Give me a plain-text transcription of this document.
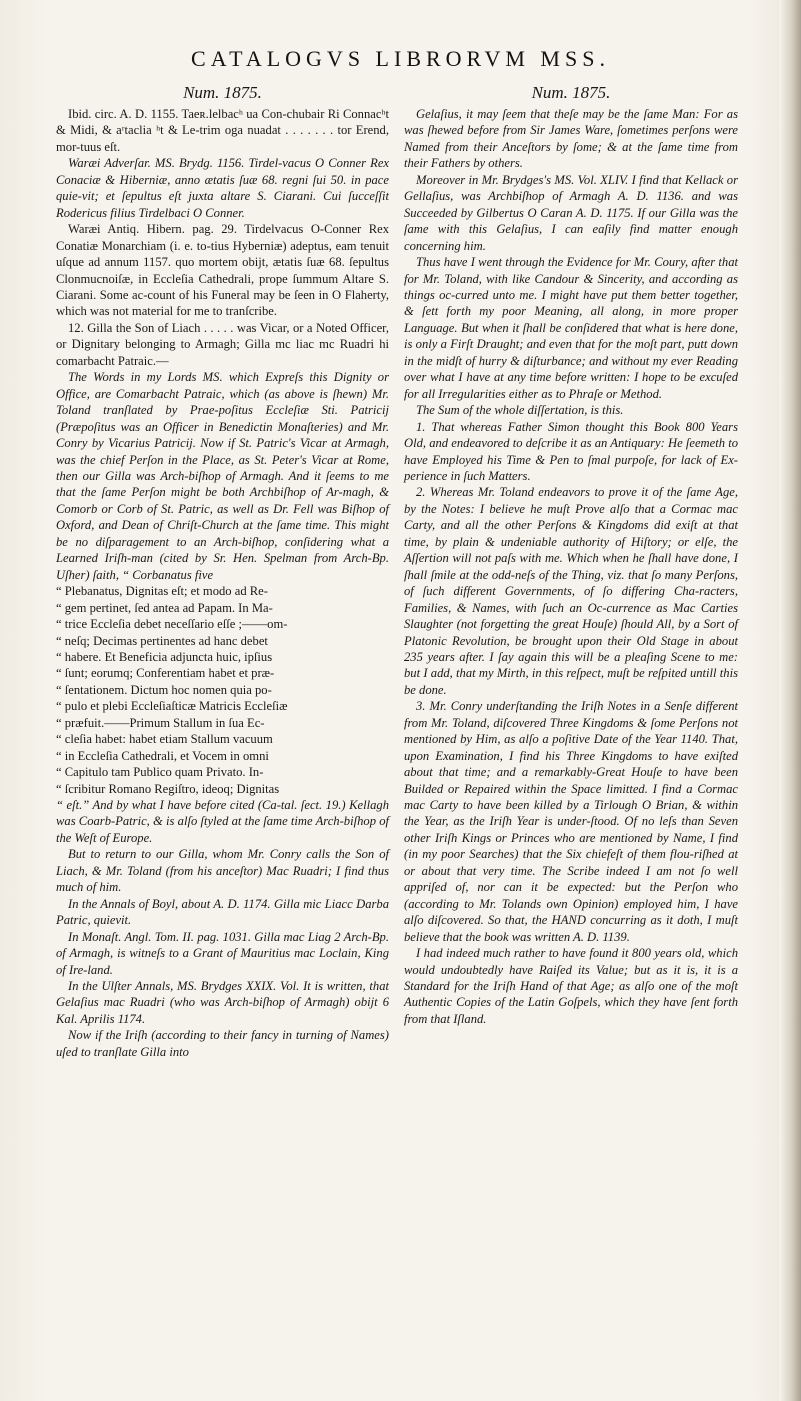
CATALOGVS LIBRORVM MSS.

Num. 1875.

Ibid. circ. A. D. 1155. Taeʀ.lelbacʰ ua Con-chubair Ri Connacʰt & Midi, & aʳtaclia ʰt & Le-trim oga nuadat . . . . . . . tor Erend, mor-tuus eſt.

Waræi Adverſar. MS. Brydg. 1156. Tirdel-vacus O Conner Rex Conaciæ & Hiberniæ, anno ætatis ſuæ 68. regni ſui 50. in pace quie-vit; et ſepultus eſt juxta altare S. Ciarani. Cui ſucceſſit Rodericus filius Tirdelbaci O Conner.

Waræi Antiq. Hibern. pag. 29. Tirdelvacus O-Conner Rex Conatiæ Monarchiam (i. e. to-tius Hyberniæ) adeptus, eam tenuit uſque ad annum 1157. quo mortem obijt, ætatis ſuæ 68. ſepultus Clonmucnoiſæ, in Eccleſia Cathedrali, prope ſummum Altare S. Ciarani. Some ac-count of his Funeral may be ſeen in O Flaherty, which was not material for me to tranſcribe.

12. Gilla the Son of Liach . . . . . was Vicar, or a Noted Officer, or Dignitary belonging to Armagh; Gilla mc liac mc Ruadri hi comarbacht Patraic.—

The Words in my Lords MS. which Expreſs this Dignity or Office, are Comarbacht Patraic, which (as above is ſhewn) Mr. Toland tranſlated by Prae-poſitus Eccleſiæ Sti. Patricij (Præpoſitus was an Officer in Benedictin Monaſteries) and Mr. Conry by Vicarius Patricij. Now if St. Patric's Vicar at Armagh, was the chief Perſon in the Place, as St. Peter's Vicar at Rome, then our Gilla was Arch-biſhop of Armagh. And it ſeems to me that the ſame Perſon might be both Archbiſhop of Ar-magh, & Comorb or Corb of St. Patric, as well as Dr. Fell was Biſhop of Oxford, and Dean of Chriſt-Church at the ſame time. This might be no diſparagement to an Arch-biſhop, conſidering what a Learned Iriſh-man (cited by Sr. Hen. Spelman from Arch-Bp. Uſher) ſaith, “ Corbanatus five

“ Plebanatus, Dignitas eſt; et modo ad Re-

“ gem pertinet, ſed antea ad Papam. In Ma-

“ trice Eccleſia debet neceſſario eſſe ;——om-

“ neſq; Decimas pertinentes ad hanc debet

“ habere. Et Beneficia adjuncta huic, ipſius

“ ſunt; eorumq; Conferentiam habet et præ-

“ ſentationem. Dictum hoc nomen quia po-

“ pulo et plebi Eccleſiaſticæ Matricis Eccleſiæ

“ præfuit.——Primum Stallum in ſua Ec-

“ cleſia habet: habet etiam Stallum vacuum

“ in Eccleſia Cathedrali, et Vocem in omni

“ Capitulo tam Publico quam Privato. In-

“ ſcribitur Romano Regiſtro, ideoq; Dignitas

“ eſt.” And by what I have before cited (Ca-tal. ſect. 19.) Kellagh was Coarb-Patric, & is alſo ſtyled at the ſame time Arch-biſhop of the Weſt of Europe.

But to return to our Gilla, whom Mr. Conry calls the Son of Liach, & Mr. Toland (from his anceſtor) Mac Ruadri; I find thus much of him.

In the Annals of Boyl, about A. D. 1174. Gilla mic Liacc Darba Patric, quievit.

In Monaſt. Angl. Tom. II. pag. 1031. Gilla mac Liag 2 Arch-Bp. of Armagh, is witneſs to a Grant of Mauritius mac Loclain, King of Ire-land.

In the Ulſter Annals, MS. Brydges XXIX. Vol. It is written, that Gelaſius mac Ruadri (who was Arch-biſhop of Armagh) obijt 6 Kal. Aprilis 1174.

Now if the Iriſh (according to their fancy in turning of Names) uſed to tranſlate Gilla into

Num. 1875.

Gelaſius, it may ſeem that theſe may be the ſame Man: For as was ſhewed before from Sir James Ware, ſometimes perſons were Named from their Anceſtors by ſome; & at the ſame time from their Fathers by others.

Moreover in Mr. Brydges's MS. Vol. XLIV. I find that Kellack or Gellaſius, was Archbiſhop of Armagh A. D. 1136. and was Succeeded by Gilbertus O Caran A. D. 1175. If our Gilla was the ſame with this Gelaſius, I can eaſily find matter enough concerning him.

Thus have I went through the Evidence for Mr. Coury, after that for Mr. Toland, with like Candour & Sincerity, and according as things oc-curred unto me. I might have put them better together, & ſett forth my poor Meaning, all along, in more proper Language. But when it ſhall be conſidered that what is here done, is only a Firſt Draught; and even that for the moſt part, putt down in the midſt of hurry & diſturbance; and without my ever Reading over what I have at any time before written: I hope to be excuſed for all Irregularities either as to Phraſe or Method.

The Sum of the whole diſſertation, is this.

1. That whereas Father Simon thought this Book 800 Years Old, and endeavored to deſcribe it as an Antiquary: He ſeemeth to have Employed his Time & Pen to ſmal purpoſe, for lack of Ex-perience in ſuch Matters.

2. Whereas Mr. Toland endeavors to prove it of the ſame Age, by the Notes: I believe he muſt Prove alſo that a Cormac mac Carty, and all the other Perſons & Kingdoms did exiſt at that time, by plain & undeniable authority of Hiſtory; or elſe, the Aſſertion will not paſs with me. Which when he ſhall have done, I ſhall ſmile at the odd-neſs of the Thing, viz. that ſo many Perſons, of ſuch different Governments, of ſo differing Cha-racters, Families, & Names, with ſuch an Oc-currence as Mac Carties Slaughter (not forgetting the great Houſe) ſhould All, by a Sort of Platonic Revolution, be brought upon their Old Stage in about 235 years after. I ſay again this will be a pleaſing Scene to me: but I add, that my Mirth, in this reſpect, muſt be reſpited untill this be done.

3. Mr. Conry underſtanding the Iriſh Notes in a Senſe different from Mr. Toland, diſcovered Three Kingdoms & ſome Perſons not mentioned by Him, as alſo a poſitive Date of the Year 1140. That, upon Examination, I find his Three Kingdoms to have exiſted about that time; and a remarkably-Great Houſe to have been Builded or Repaired within the Space limitted. I find a Cormac mac Carty to have been killed by a Tirlough O Brian, & within the Year, as the Iriſh Year is under-ſtood. Of no leſs than Seven other Iriſh Kings or Princes who are mentioned by Name, I find (in my poor Searches) that the Six chiefeſt of them flou-riſhed at or about that very time. The Scribe indeed I am not ſo well appriſed of, nor can it be expected: but the Perſon who (according to Mr. Tolands own Opinion) employed him, I have alſo diſcovered. So that, the HAND concurring as it doth, I muſt believe that the book was written A. D. 1139.

I had indeed much rather to have found it 800 years old, which would undoubtedly have Raiſed its Value; but as it is, it is a Standard for the Iriſh Hand of that Age; as alſo one of the moſt Authentic Copies of the Latin Goſpels, which they have ſent forth from that Iſland.
